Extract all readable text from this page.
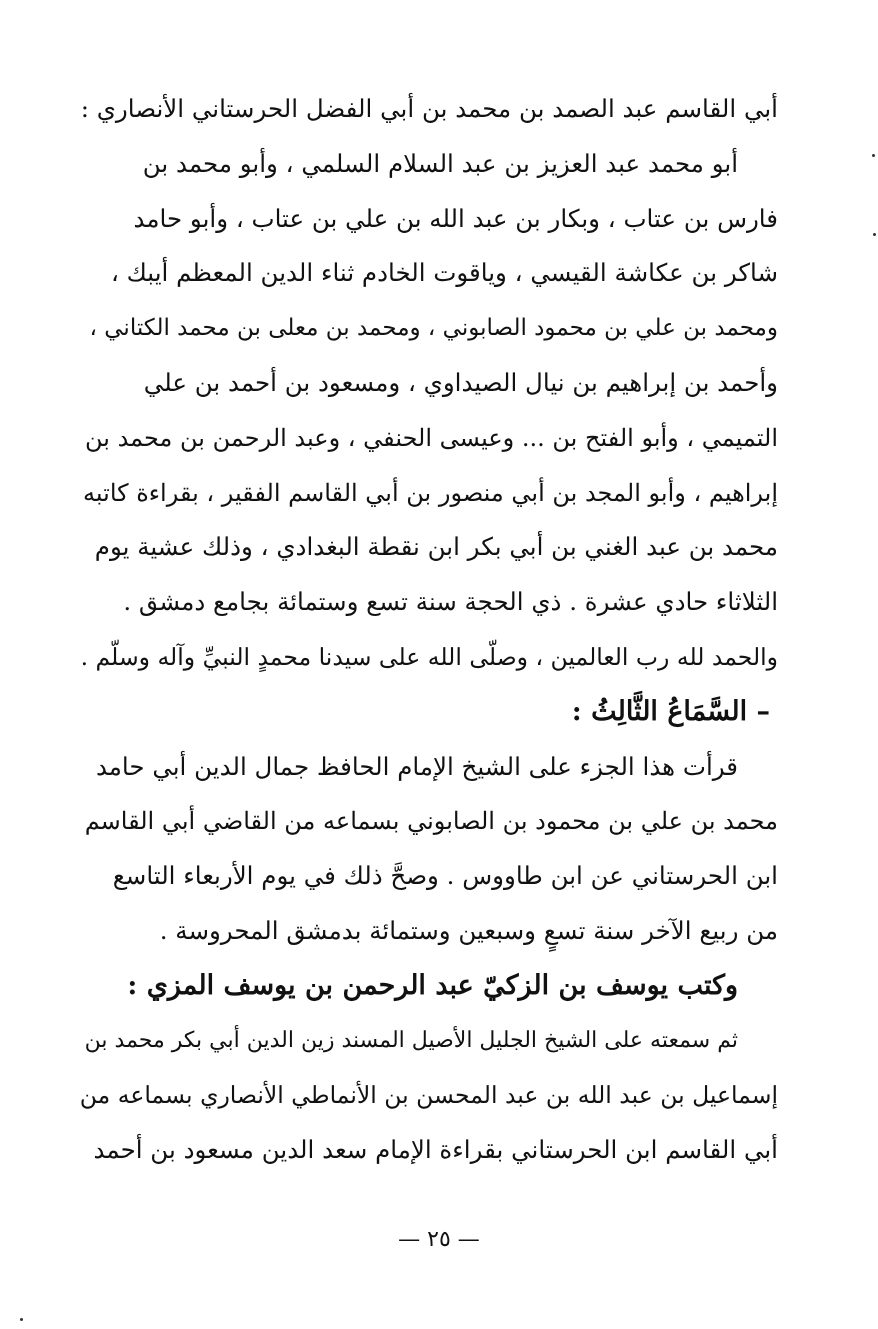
أبي القاسم عبد الصمد بن محمد بن أبي الفضل الحرستاني الأنصاري :
أبو محمد عبد العزيز بن عبد السلام السلمي ، وأبو محمد بن
فارس بن عتاب ، وبكار بن عبد الله بن علي بن عتاب ، وأبو حامد
شاكر بن عكاشة القيسي ، وياقوت الخادم ثناء الدين المعظم أيبك ،
ومحمد بن علي بن محمود الصابوني ، ومحمد بن معلى بن محمد الكتاني ،
وأحمد بن إبراهيم بن نيال الصيداوي ، ومسعود بن أحمد بن علي
التميمي ، وأبو الفتح بن ... وعيسى الحنفي ، وعبد الرحمن بن محمد بن
إبراهيم ، وأبو المجد بن أبي منصور بن أبي القاسم الفقير ، بقراءة كاتبه
محمد بن عبد الغني بن أبي بكر ابن نقطة البغدادي ، وذلك عشية يوم
الثلاثاء حادي عشرة . ذي الحجة سنة تسع وستمائة بجامع دمشق .
والحمد لله رب العالمين ، وصلّى الله على سيدنا محمدٍ النبيِّ وآله وسلّم .
– السَّمَاعُ الثَّالِثُ :
قرأت هذا الجزء على الشيخ الإمام الحافظ جمال الدين أبي حامد
محمد بن علي بن محمود بن الصابوني بسماعه من القاضي أبي القاسم
ابن الحرستاني عن ابن طاووس . وصحَّ ذلك في يوم الأربعاء التاسع
من ربيع الآخر سنة تسعٍ وسبعين وستمائة بدمشق المحروسة .
وكتب يوسف بن الزكيّ عبد الرحمن بن يوسف المزي :
ثم سمعته على الشيخ الجليل الأصيل المسند زين الدين أبي بكر محمد بن
إسماعيل بن عبد الله بن عبد المحسن بن الأنماطي الأنصاري بسماعه من
أبي القاسم ابن الحرستاني بقراءة الإمام سعد الدين مسعود بن أحمد
— ٢٥ —
